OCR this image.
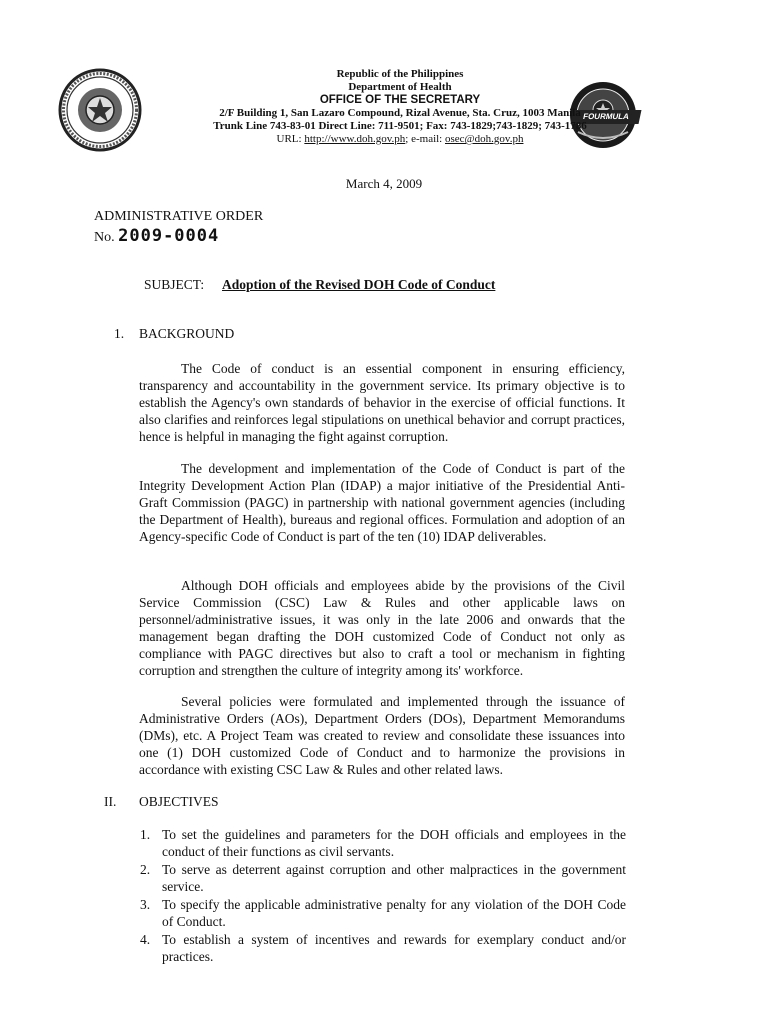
FOURMULA
Republic of the Philippines
Department of Health
OFFICE OF THE SECRETARY
2/F Building 1, San Lazaro Compound, Rizal Avenue, Sta. Cruz, 1003 Manila
Trunk Line 743-83-01 Direct Line: 711-9501; Fax: 743-1829;743-1829; 743-1786
URL: http://www.doh.gov.ph; e-mail: osec@doh.gov.ph
March 4, 2009
ADMINISTRATIVE ORDER
No. 2009-0004
SUBJECT: Adoption of the Revised DOH Code of Conduct
1. BACKGROUND
The Code of conduct is an essential component in ensuring efficiency, transparency and accountability in the government service. Its primary objective is to establish the Agency's own standards of behavior in the exercise of official functions. It also clarifies and reinforces legal stipulations on unethical behavior and corrupt practices, hence is helpful in managing the fight against corruption.
The development and implementation of the Code of Conduct is part of the Integrity Development Action Plan (IDAP) a major initiative of the Presidential Anti-Graft Commission (PAGC) in partnership with national government agencies (including the Department of Health), bureaus and regional offices. Formulation and adoption of an Agency-specific Code of Conduct is part of the ten (10) IDAP deliverables.
Although DOH officials and employees abide by the provisions of the Civil Service Commission (CSC) Law & Rules and other applicable laws on personnel/administrative issues, it was only in the late 2006 and onwards that the management began drafting the DOH customized Code of Conduct not only as compliance with PAGC directives but also to craft a tool or mechanism in fighting corruption and strengthen the culture of integrity among its' workforce.
Several policies were formulated and implemented through the issuance of Administrative Orders (AOs), Department Orders (DOs), Department Memorandums (DMs), etc. A Project Team was created to review and consolidate these issuances into one (1) DOH customized Code of Conduct and to harmonize the provisions in accordance with existing CSC Law & Rules and other related laws.
II. OBJECTIVES
1. To set the guidelines and parameters for the DOH officials and employees in the conduct of their functions as civil servants.
2. To serve as deterrent against corruption and other malpractices in the government service.
3. To specify the applicable administrative penalty for any violation of the DOH Code of Conduct.
4. To establish a system of incentives and rewards for exemplary conduct and/or practices.
